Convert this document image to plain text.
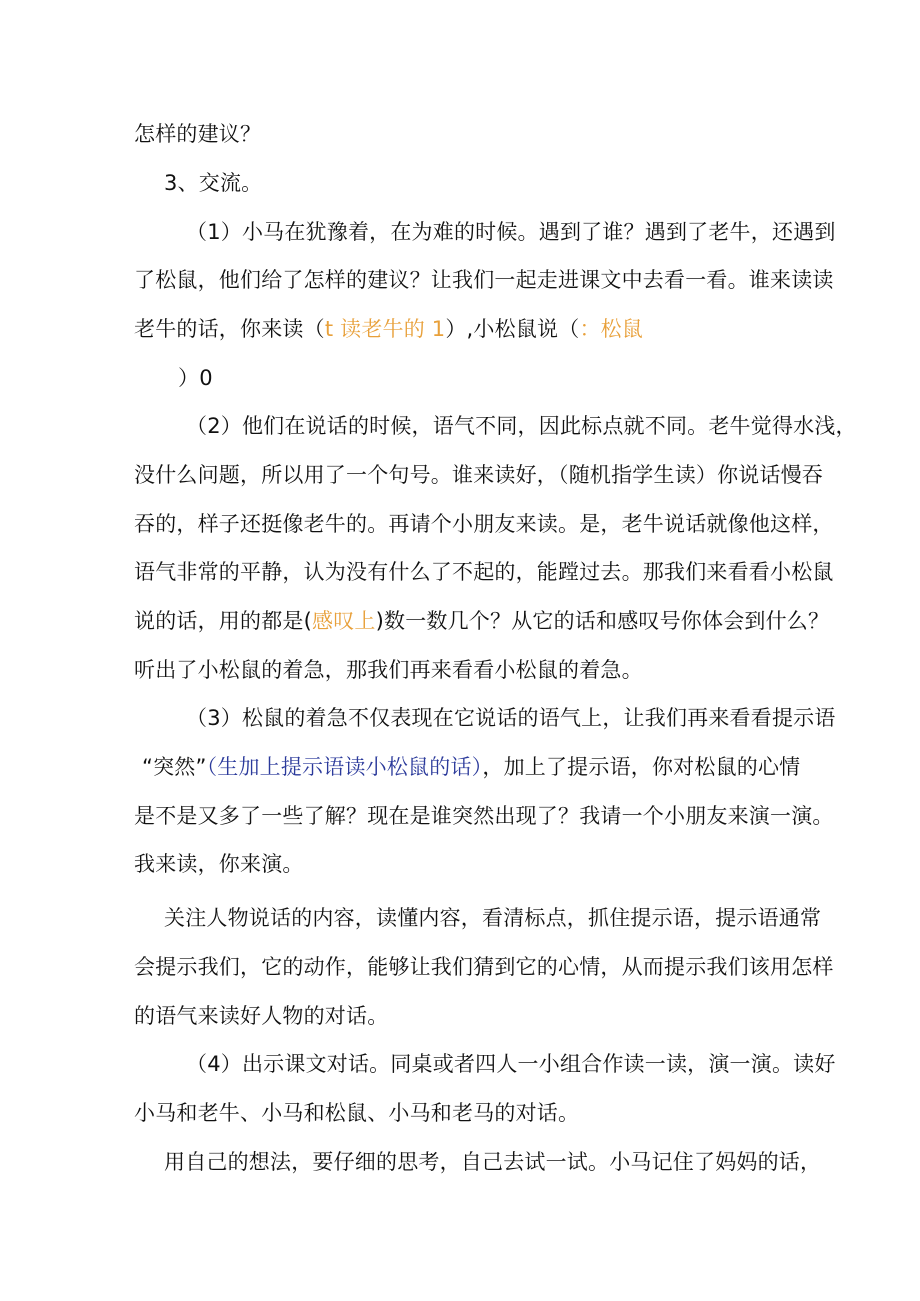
怎样的建议？
3、交流。
（1）小马在犹豫着，在为难的时候。遇到了谁？遇到了老牛，还遇到
了松鼠，他们给了怎样的建议？让我们一起走进课文中去看一看。谁来读读
老牛的话，你来读（t 读老牛的 1）,小松鼠说（：松鼠
）0
（2）他们在说话的时候，语气不同，因此标点就不同。老牛觉得水浅，
没什么问题，所以用了一个句号。谁来读好，（随机指学生读）你说话慢吞
吞的，样子还挺像老牛的。再请个小朋友来读。是，老牛说话就像他这样，
语气非常的平静，认为没有什么了不起的，能蹚过去。那我们来看看小松鼠
说的话，用的都是(感叹上)数一数几个？从它的话和感叹号你体会到什么？
听出了小松鼠的着急，那我们再来看看小松鼠的着急。
（3）松鼠的着急不仅表现在它说话的语气上，让我们再来看看提示语
“突然”（生加上提示语读小松鼠的话），加上了提示语，你对松鼠的心情
是不是又多了一些了解？现在是谁突然出现了？我请一个小朋友来演一演。
我来读，你来演。
关注人物说话的内容，读懂内容，看清标点，抓住提示语，提示语通常
会提示我们，它的动作，能够让我们猜到它的心情，从而提示我们该用怎样
的语气来读好人物的对话。
（4）出示课文对话。同桌或者四人一小组合作读一读，演一演。读好
小马和老牛、小马和松鼠、小马和老马的对话。
用自己的想法，要仔细的思考，自己去试一试。小马记住了妈妈的话，
